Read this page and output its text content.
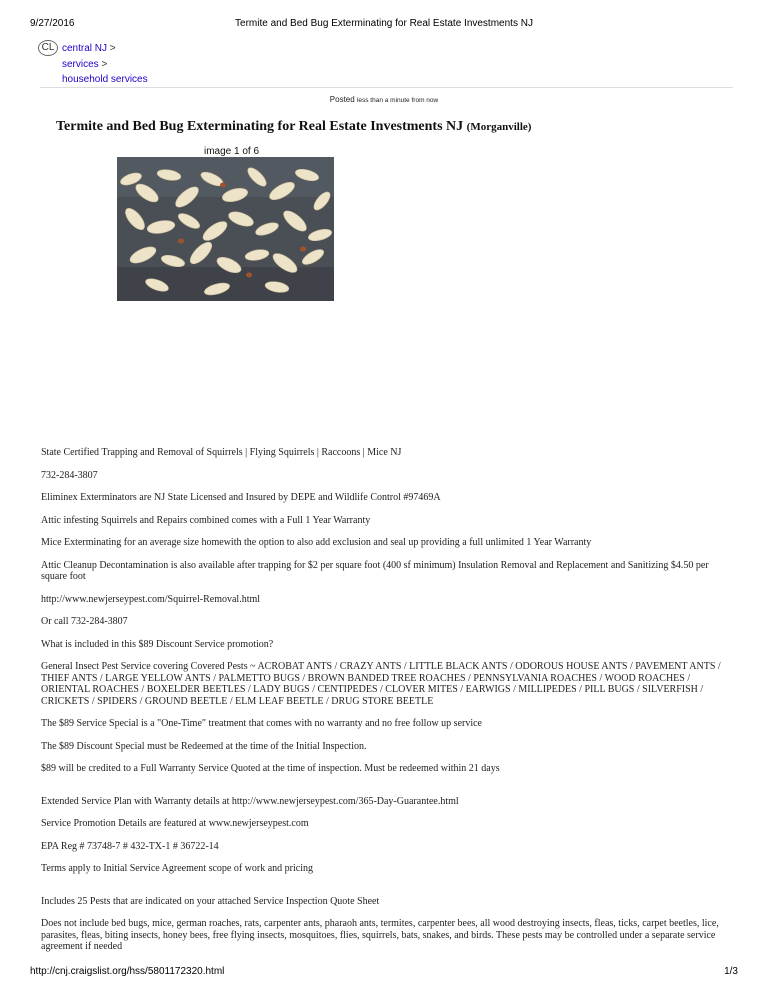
9/27/2016	Termite and Bed Bug Exterminating for Real Estate Investments NJ
CL central NJ >
services >
household services
Posted less than a minute from now
Termite and Bed Bug Exterminating for Real Estate Investments NJ (Morganville)
image 1 of 6

State Certified Trapping and Removal of Squirrels | Flying Squirrels | Raccoons | Mice NJ

732-284-3807

Eliminex Exterminators are NJ State Licensed and Insured by DEPE and Wildlife Control #97469A

Attic infesting Squirrels and Repairs combined comes with a Full 1 Year Warranty

Mice Exterminating for an average size homewith the option to also add exclusion and seal up providing a full unlimited 1 Year Warranty

Attic Cleanup Decontamination is also available after trapping for $2 per square foot (400 sf minimum) Insulation Removal and Replacement and Sanitizing $4.50 per square foot

http://www.newjerseypest.com/Squirrel-Removal.html

Or call 732-284-3807

What is included in this $89 Discount Service promotion?

General Insect Pest Service covering Covered Pests ~ ACROBAT ANTS / CRAZY ANTS / LITTLE BLACK ANTS / ODOROUS HOUSE ANTS / PAVEMENT ANTS / THIEF ANTS / LARGE YELLOW ANTS / PALMETTO BUGS / BROWN BANDED TREE ROACHES / PENNSYLVANIA ROACHES / WOOD ROACHES / ORIENTAL ROACHES / BOXELDER BEETLES / LADY BUGS / CENTIPEDES / CLOVER MITES / EARWIGS / MILLIPEDES / PILL BUGS / SILVERFISH / CRICKETS / SPIDERS / GROUND BEETLE / ELM LEAF BEETLE / DRUG STORE BEETLE

The $89 Service Special is a "One-Time" treatment that comes with no warranty and no free follow up service

The $89 Discount Special must be Redeemed at the time of the Initial Inspection.

$89 will be credited to a Full Warranty Service Quoted at the time of inspection. Must be redeemed within 21 days

Extended Service Plan with Warranty details at http://www.newjerseypest.com/365-Day-Guarantee.html

Service Promotion Details are featured at www.newjerseypest.com

EPA Reg # 73748-7 # 432-TX-1 # 36722-14

Terms apply to Initial Service Agreement scope of work and pricing

Includes 25 Pests that are indicated on your attached Service Inspection Quote Sheet

Does not include bed bugs, mice, german roaches, rats, carpenter ants, pharaoh ants, termites, carpenter bees, all wood destroying insects, fleas, ticks, carpet beetles, lice, parasites, fleas, biting insects, honey bees, free flying insects, mosquitoes, flies, squirrels, bats, snakes, and birds. These pests may be controlled under a separate service agreement if needed

http://cnj.craigslist.org/hss/5801172320.html	1/3
